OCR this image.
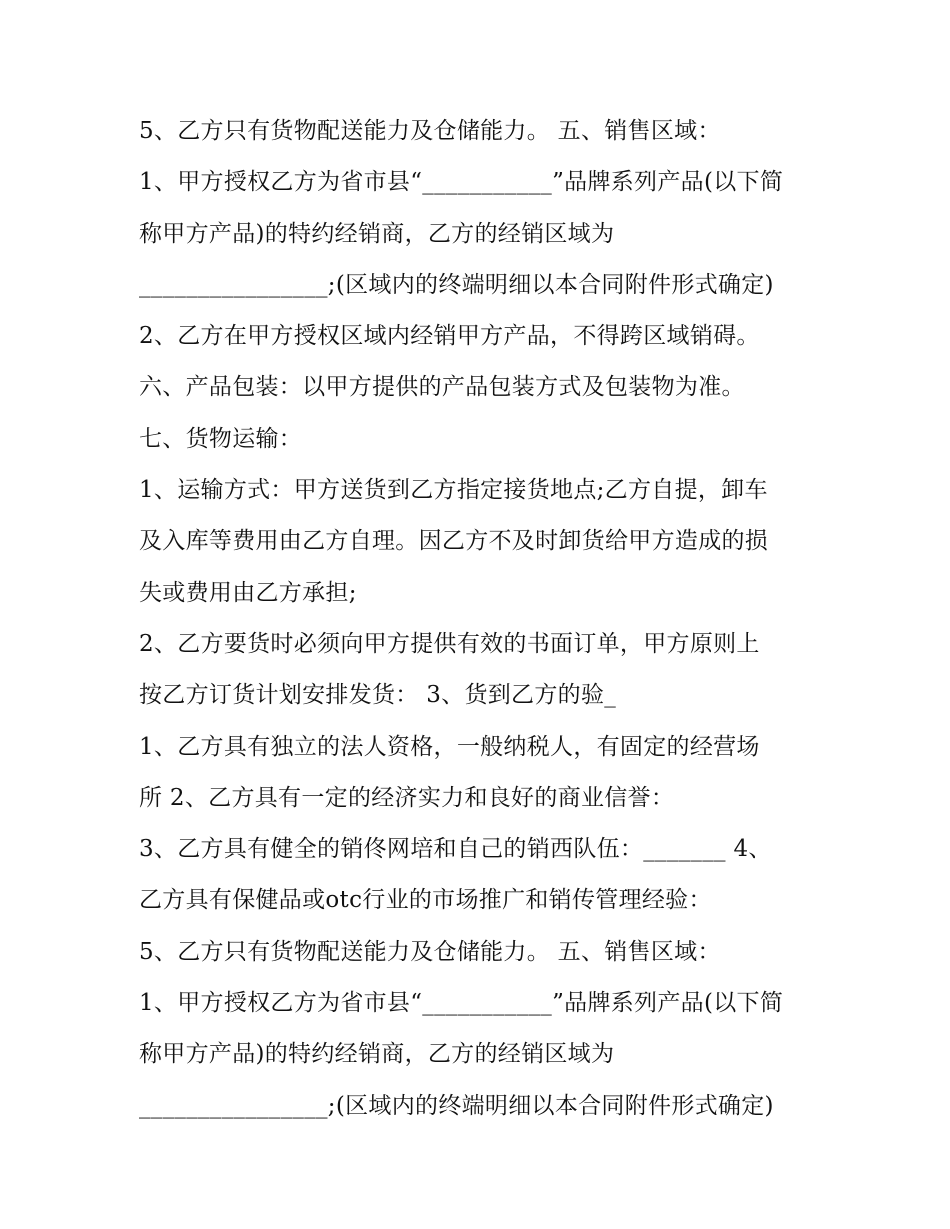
5、乙方只有货物配送能力及仓储能力。 五、销售区域：
1、甲方授权乙方为省市县“___________”品牌系列产品(以下简
称甲方产品)的特约经销商，乙方的经销区域为
________________;(区域内的终端明细以本合同附件形式确定)
2、乙方在甲方授权区域内经销甲方产品，不得跨区域销碍。
六、产品包装：以甲方提供的产品包装方式及包装物为准。
七、货物运输：
1、运输方式：甲方送货到乙方指定接货地点;乙方自提，卸车
及入库等费用由乙方自理。因乙方不及时卸货给甲方造成的损
失或费用由乙方承担;
2、乙方要货时必须向甲方提供有效的书面订单，甲方原则上
按乙方订货计划安排发货： 3、货到乙方的验_
1、乙方具有独立的法人资格，一般纳税人，有固定的经营场
所 2、乙方具有一定的经济实力和良好的商业信誉：
3、乙方具有健全的销佟网培和自己的销西队伍：_______ 4、
乙方具有保健品或otc行业的市场推广和销传管理经验：
5、乙方只有货物配送能力及仓储能力。 五、销售区域：
1、甲方授权乙方为省市县“___________”品牌系列产品(以下简
称甲方产品)的特约经销商，乙方的经销区域为
________________;(区域内的终端明细以本合同附件形式确定)
